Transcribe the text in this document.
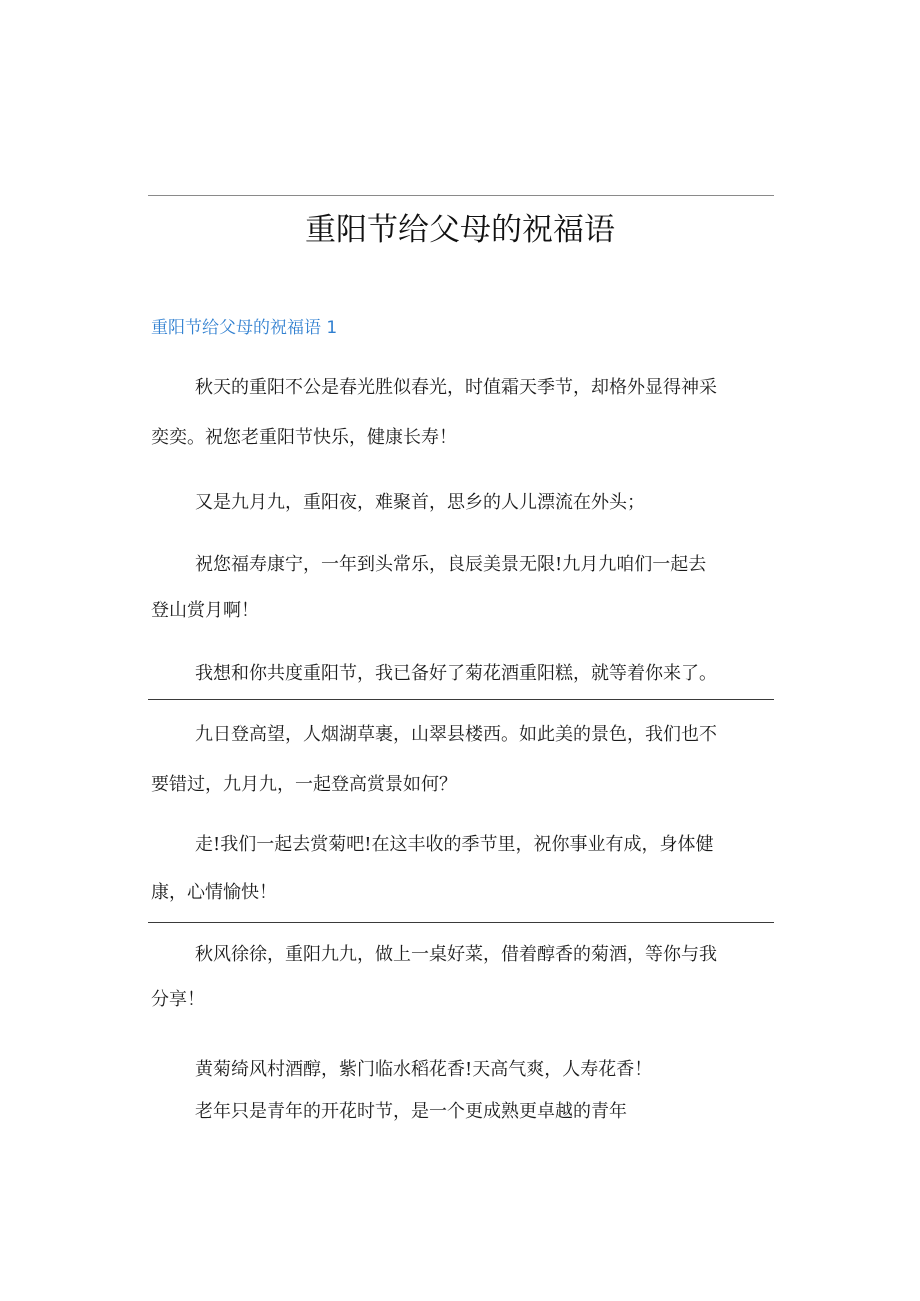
重阳节给父母的祝福语
重阳节给父母的祝福语 1
秋天的重阳不公是春光胜似春光，时值霜天季节，却格外显得神采
奕奕。祝您老重阳节快乐，健康长寿！
又是九月九，重阳夜，难聚首，思乡的人儿漂流在外头；
祝您福寿康宁，一年到头常乐，良辰美景无限!九月九咱们一起去
登山赏月啊！
我想和你共度重阳节，我已备好了菊花酒重阳糕，就等着你来了。
九日登高望，人烟湖草裹，山翠县楼西。如此美的景色，我们也不
要错过，九月九，一起登高赏景如何？
走!我们一起去赏菊吧!在这丰收的季节里，祝你事业有成，身体健
康，心情愉快！
秋风徐徐，重阳九九，做上一桌好菜，借着醇香的菊酒，等你与我
分享！
黄菊绮风村酒醇，紫门临水稻花香!天高气爽，人寿花香！
老年只是青年的开花时节，是一个更成熟更卓越的青年
